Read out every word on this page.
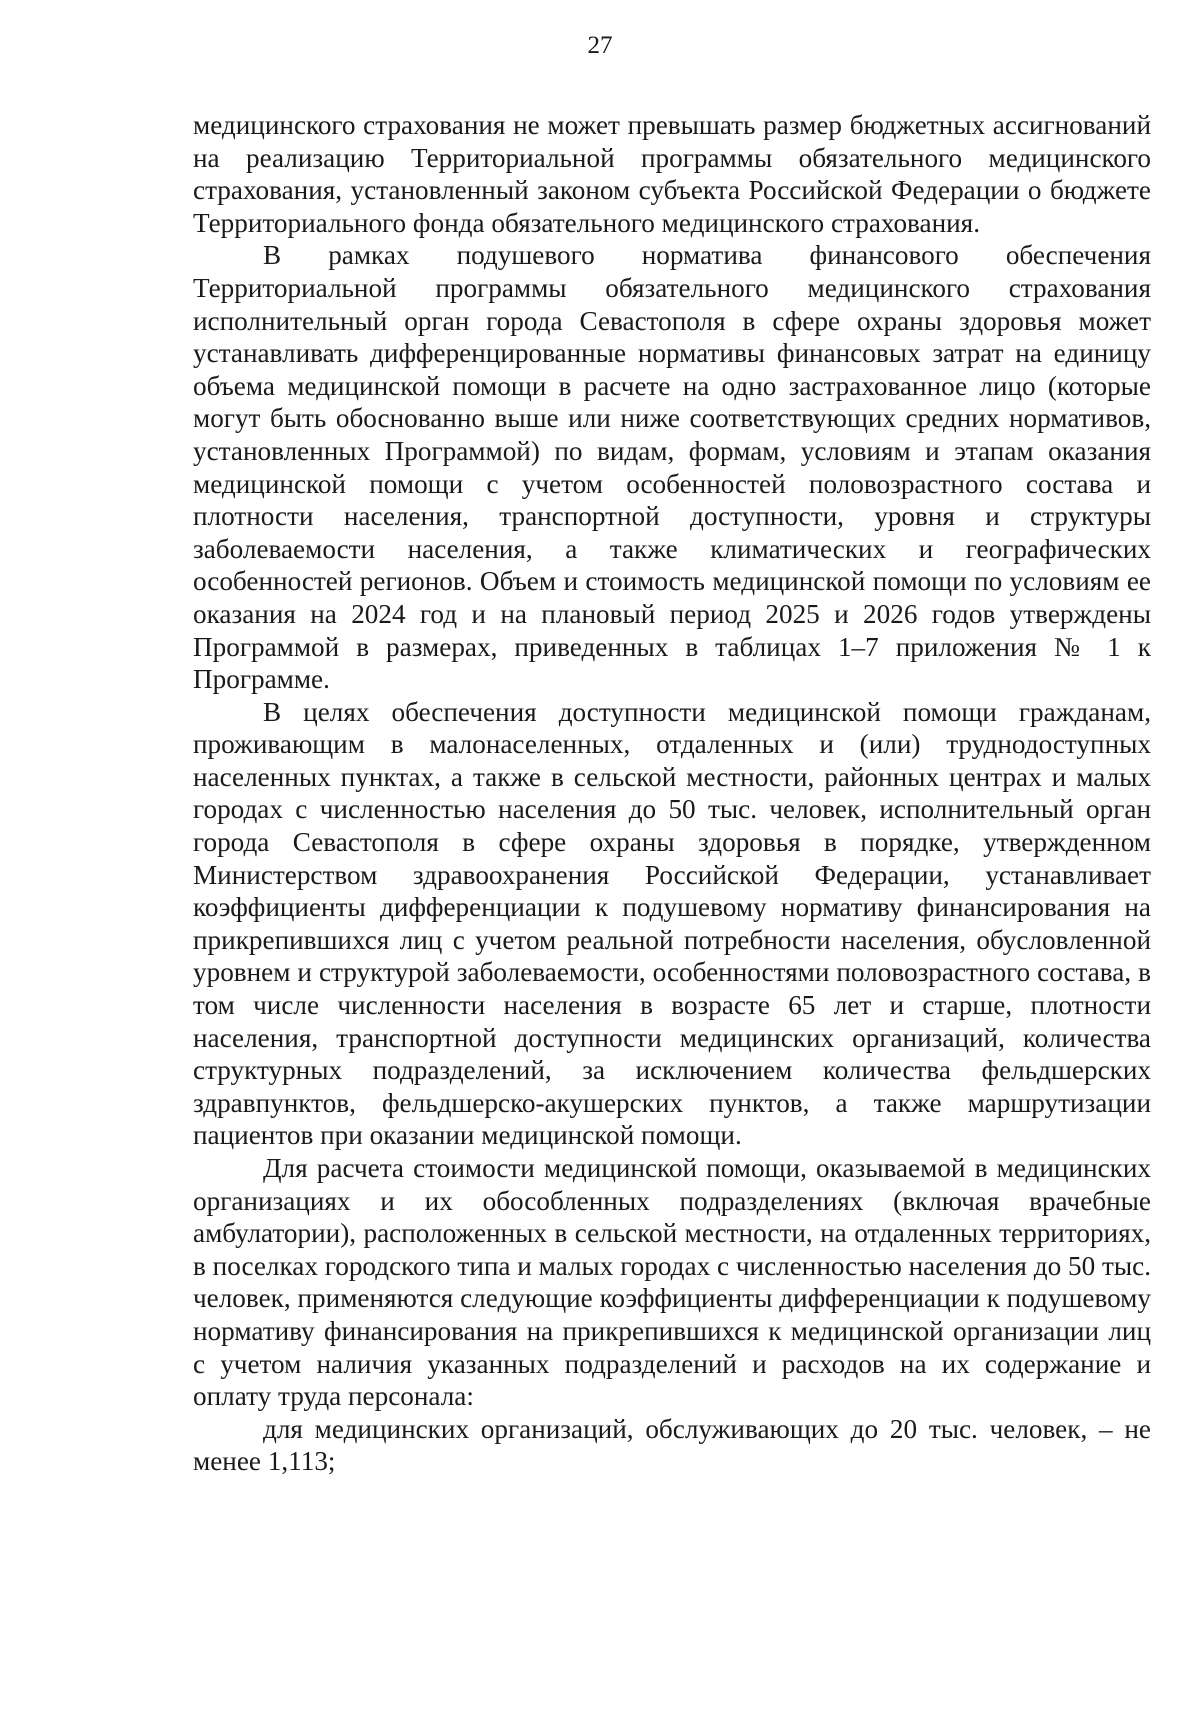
27

медицинского страхования не может превышать размер бюджетных ассигнований на реализацию Территориальной программы обязательного медицинского страхования, установленный законом субъекта Российской Федерации о бюджете Территориального фонда обязательного медицинского страхования.

В рамках подушевого норматива финансового обеспечения Территориальной программы обязательного медицинского страхования исполнительный орган города Севастополя в сфере охраны здоровья может устанавливать дифференцированные нормативы финансовых затрат на единицу объема медицинской помощи в расчете на одно застрахованное лицо (которые могут быть обоснованно выше или ниже соответствующих средних нормативов, установленных Программой) по видам, формам, условиям и этапам оказания медицинской помощи с учетом особенностей половозрастного состава и плотности населения, транспортной доступности, уровня и структуры заболеваемости населения, а также климатических и географических особенностей регионов. Объем и стоимость медицинской помощи по условиям ее оказания на 2024 год и на плановый период 2025 и 2026 годов утверждены Программой в размерах, приведенных в таблицах 1–7 приложения № 1 к Программе.

В целях обеспечения доступности медицинской помощи гражданам, проживающим в малонаселенных, отдаленных и (или) труднодоступных населенных пунктах, а также в сельской местности, районных центрах и малых городах с численностью населения до 50 тыс. человек, исполнительный орган города Севастополя в сфере охраны здоровья в порядке, утвержденном Министерством здравоохранения Российской Федерации, устанавливает коэффициенты дифференциации к подушевому нормативу финансирования на прикрепившихся лиц с учетом реальной потребности населения, обусловленной уровнем и структурой заболеваемости, особенностями половозрастного состава, в том числе численности населения в возрасте 65 лет и старше, плотности населения, транспортной доступности медицинских организаций, количества структурных подразделений, за исключением количества фельдшерских здравпунктов, фельдшерско-акушерских пунктов, а также маршрутизации пациентов при оказании медицинской помощи.

Для расчета стоимости медицинской помощи, оказываемой в медицинских организациях и их обособленных подразделениях (включая врачебные амбулатории), расположенных в сельской местности, на отдаленных территориях, в поселках городского типа и малых городах с численностью населения до 50 тыс. человек, применяются следующие коэффициенты дифференциации к подушевому нормативу финансирования на прикрепившихся к медицинской организации лиц с учетом наличия указанных подразделений и расходов на их содержание и оплату труда персонала:

для медицинских организаций, обслуживающих до 20 тыс. человек, – не менее 1,113;
